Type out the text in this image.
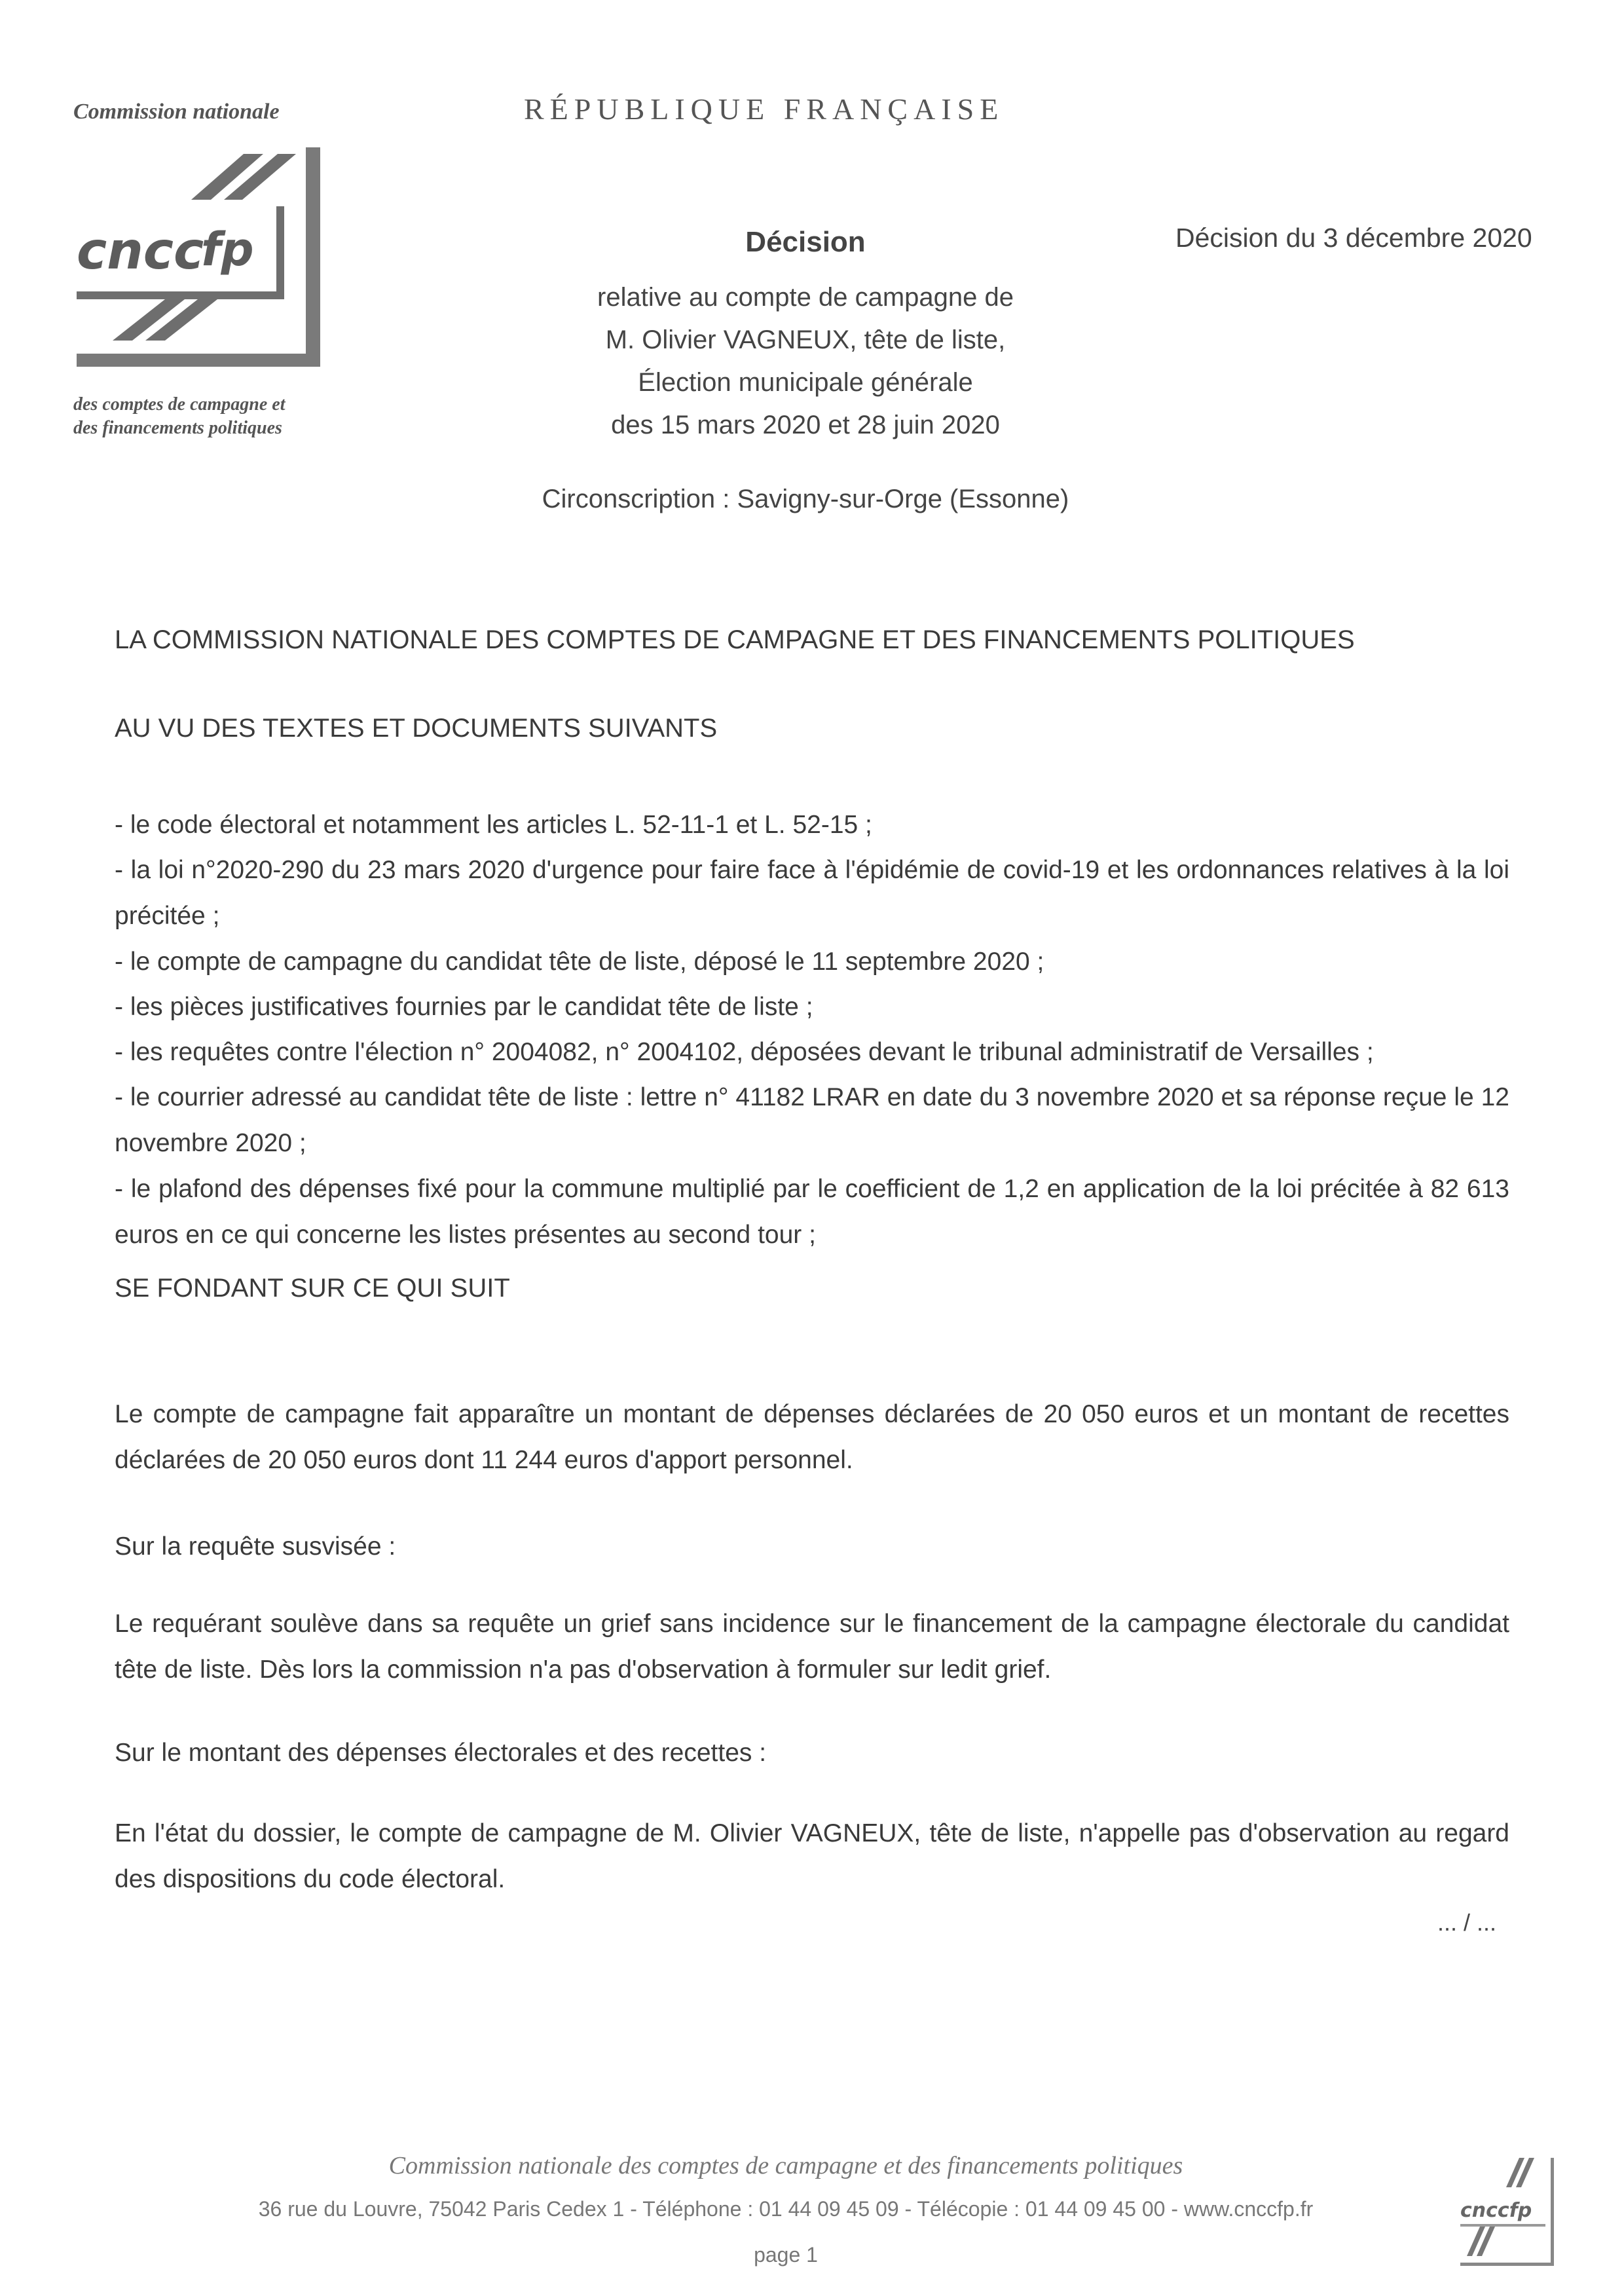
Commission nationale
cncc
fp
des comptes de campagne et
des financements politiques
RÉPUBLIQUE FRANÇAISE
Décision du 3 décembre 2020
Décision
relative au compte de campagne de
M. Olivier VAGNEUX, tête de liste,
Élection municipale générale
des 15 mars 2020 et 28 juin 2020
Circonscription : Savigny-sur-Orge (Essonne)
LA COMMISSION NATIONALE DES COMPTES DE CAMPAGNE ET DES FINANCEMENTS POLITIQUES
AU VU DES TEXTES ET DOCUMENTS SUIVANTS
- le code électoral et notamment les articles L. 52-11-1 et L. 52-15 ;
- la loi n°2020-290 du 23 mars 2020 d'urgence pour faire face à l'épidémie de covid-19 et les ordonnances relatives à la loi précitée ;
- le compte de campagne du candidat tête de liste, déposé le 11 septembre 2020 ;
- les pièces justificatives fournies par le candidat tête de liste ;
- les requêtes contre l'élection n° 2004082, n° 2004102, déposées devant le tribunal administratif de Versailles ;
- le courrier adressé au candidat tête de liste : lettre n° 41182 LRAR en date du 3 novembre 2020 et sa réponse reçue le 12 novembre 2020 ;
- le plafond des dépenses fixé pour la commune multiplié par le coefficient de 1,2 en application de la loi précitée à 82 613 euros en ce qui concerne les listes présentes au second tour ;
SE FONDANT SUR CE QUI SUIT
Le compte de campagne fait apparaître un montant de dépenses déclarées de 20 050 euros et un montant de recettes déclarées de 20 050 euros dont 11 244 euros d'apport personnel.
Sur la requête susvisée :
Le requérant soulève dans sa requête un grief sans incidence sur le financement de la campagne électorale du candidat tête de liste. Dès lors la commission n'a pas d'observation à formuler sur ledit grief.
Sur le montant des dépenses électorales et des recettes :
En l'état du dossier, le compte de campagne de M. Olivier VAGNEUX, tête de liste, n'appelle pas d'observation au regard des dispositions du code électoral.
... / ...
Commission nationale des comptes de campagne et des financements politiques
36 rue du Louvre, 75042 Paris Cedex 1 - Téléphone : 01 44 09 45 09 - Télécopie : 01 44 09 45 00 - www.cnccfp.fr
page 1
cnccfp
